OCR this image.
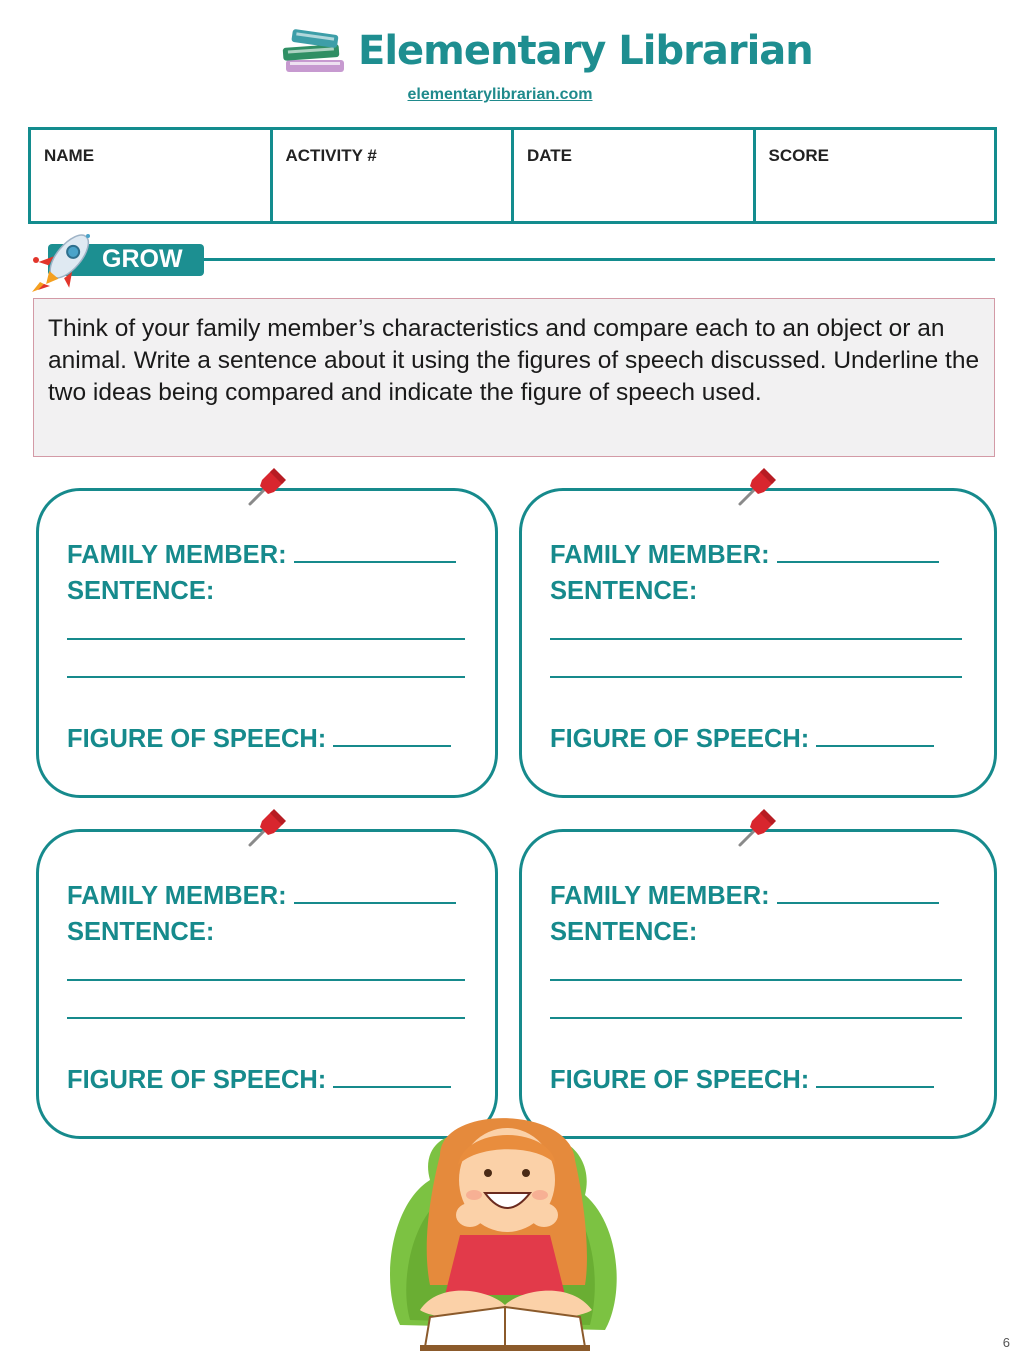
Elementary Librarian
elementarylibrarian.com
NAME	ACTIVITY #	DATE	SCORE
GROW
Think of your family member’s characteristics and compare each to an object or an animal. Write a sentence about it using the figures of speech discussed. Underline the two ideas being compared and indicate the figure of speech used.
FAMILY MEMBER:
SENTENCE:
FIGURE OF SPEECH:
FAMILY MEMBER:
SENTENCE:
FIGURE OF SPEECH:
FAMILY MEMBER:
SENTENCE:
FIGURE OF SPEECH:
FAMILY MEMBER:
SENTENCE:
FIGURE OF SPEECH:
6
